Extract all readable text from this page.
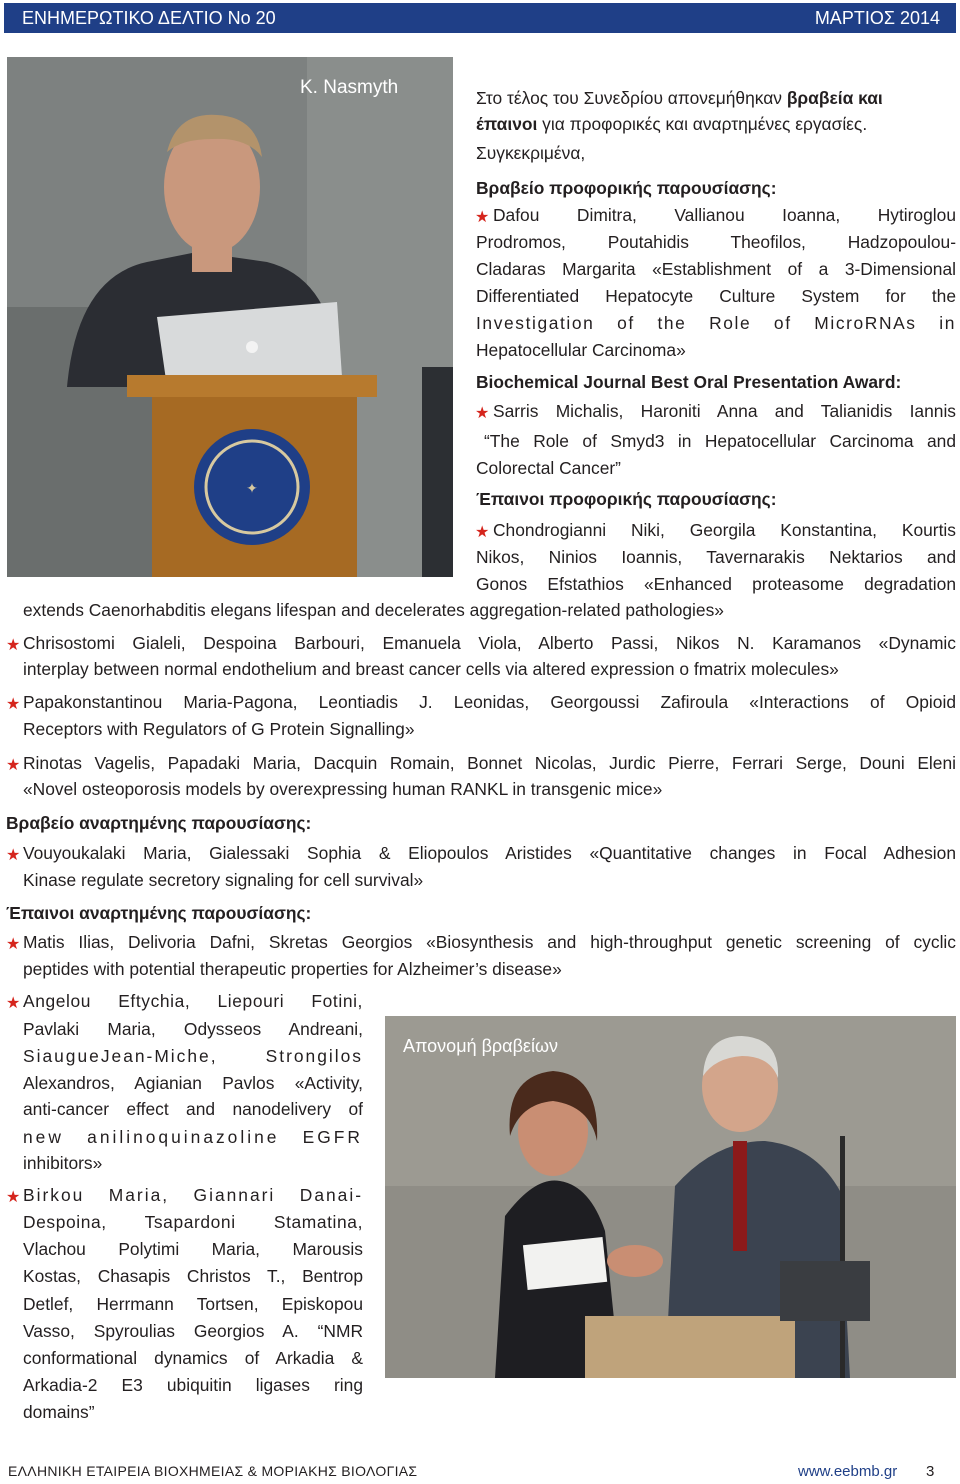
ΕΝΗΜΕΡΩΤΙΚΟ ΔΕΛΤΙΟ Νο 20	ΜΑΡΤΙΟΣ 2014
✦
K. Nasmyth	Στο τέλος του Συνεδρίου απονεμήθηκαν βραβεία και
έπαινοι για προφορικές και αναρτημένες εργασίες.
Συγκεκριμένα,
Βραβείο προφορικής παρουσίασης:
★ Dafou Dimitra, Vallianou Ioanna, Hytiroglou
Prodromos, Poutahidis Theofilos, Hadzopoulou-
Cladaras Margarita «Establishment of a 3-Dimensional
Differentiated Hepatocyte Culture System for the
Investigation of the Role of MicroRNAs in
Hepatocellular Carcinoma»
Biochemical Journal Best Oral Presentation Award:
★ Sarris Michalis, Haroniti Anna and Talianidis Iannis
“The Role of Smyd3 in Hepatocellular Carcinoma and
Colorectal Cancer”
Έπαινοι προφορικής παρουσίασης:
★ Chondrogianni Niki, Georgila Konstantina, Kourtis
Nikos, Ninios Ioannis, Tavernarakis Nektarios and
Gonos Efstathios «Enhanced proteasome degradation
extends Caenorhabditis elegans lifespan and decelerates aggregation-related pathologies»
★ Chrisostomi Gialeli, Despoina Barbouri, Emanuela Viola, Alberto Passi, Nikos N. Karamanos «Dynamic
interplay between normal endothelium and breast cancer cells via altered expression o fmatrix molecules»
★ Papakonstantinou Maria-Pagona, Leontiadis J. Leonidas, Georgoussi Zafiroula «Interactions of Opioid
Receptors with Regulators of G Protein Signalling»
★ Rinotas Vagelis, Papadaki Maria, Dacquin Romain, Bonnet Nicolas, Jurdic Pierre, Ferrari Serge, Douni Eleni
«Novel osteoporosis models by overexpressing human RANKL in transgenic mice»
Βραβείο αναρτημένης παρουσίασης:
★ Vouyoukalaki Maria, Gialessaki Sophia & Eliopoulos Aristides «Quantitative changes in Focal Adhesion
Kinase regulate secretory signaling for cell survival»
Έπαινοι αναρτημένης παρουσίασης:
★ Matis Ilias, Delivoria Dafni, Skretas Georgios «Biosynthesis and high-throughput genetic screening of cyclic
peptides with potential therapeutic properties for Alzheimer’s disease»
★ Angelou Eftychia, Liepouri Fotini,
Pavlaki Maria, Odysseos Andreani,
SiaugueJean-Miche, Strongilos
Alexandros, Agianian Pavlos «Activity,
anti-cancer effect and nanodelivery of
new anilinoquinazoline EGFR
inhibitors»
★ Birkou Maria, Giannari Danai-
Despoina, Tsapardoni Stamatina,
Vlachou Polytimi Maria, Marousis
Kostas, Chasapis Christos T., Bentrop
Detlef, Herrmann Tortsen, Episkopou
Vasso, Spyroulias Georgios A. “NMR
conformational dynamics of Arkadia &
Arkadia-2 E3 ubiquitin ligases ring
domains”
Απονομή βραβείων
ΕΛΛΗΝΙΚΗ ΕΤΑΙΡΕΙΑ ΒΙΟΧΗΜΕΙΑΣ & ΜΟΡΙΑΚΗΣ ΒΙΟΛΟΓΙΑΣ	www.eebmb.gr 3
